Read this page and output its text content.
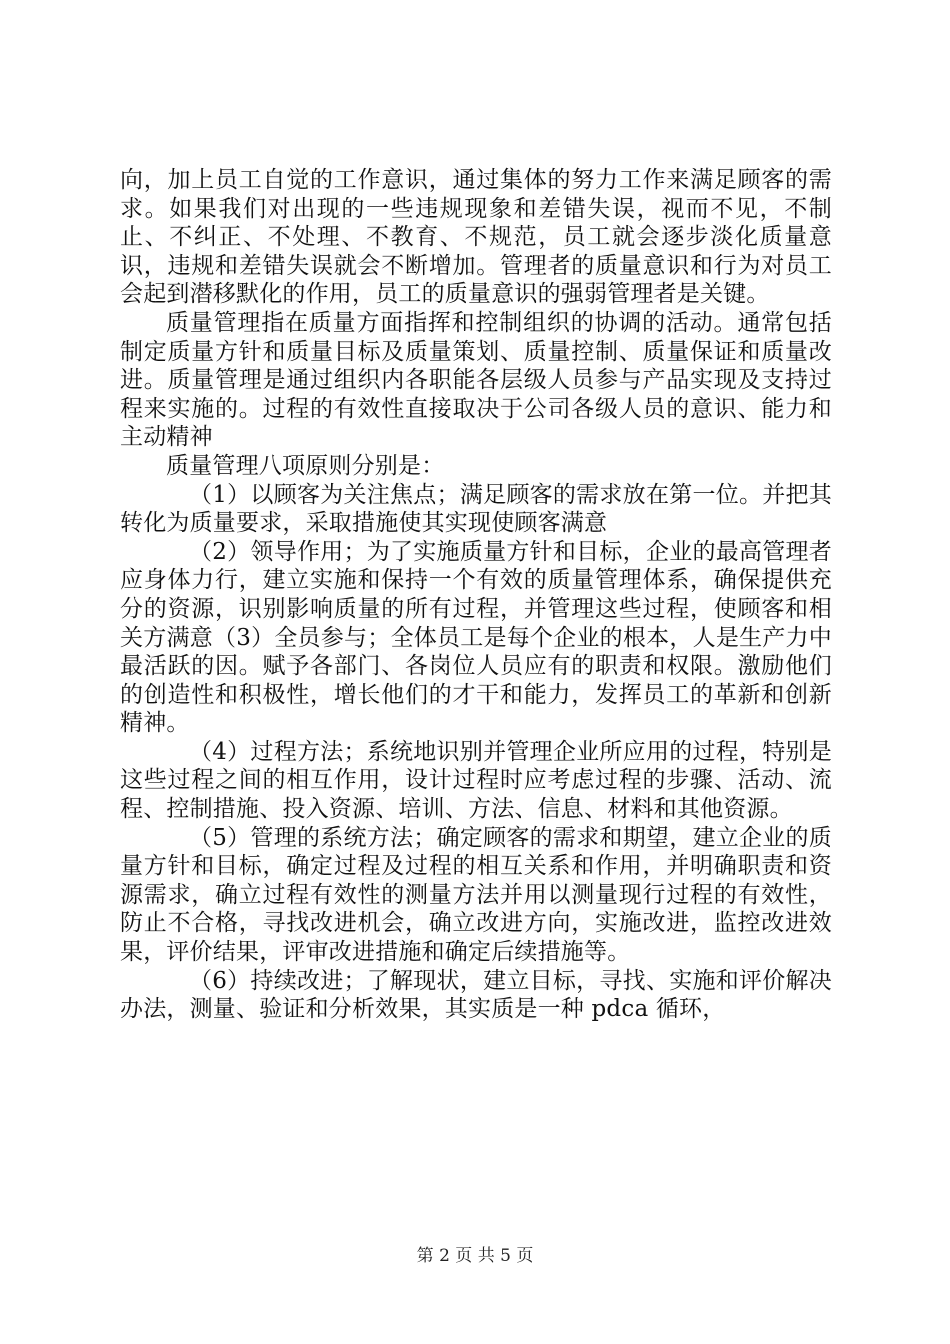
向，加上员工自觉的工作意识，通过集体的努力工作来满足顾客的需求。如果我们对出现的一些违规现象和差错失误，视而不见，不制止、不纠正、不处理、不教育、不规范，员工就会逐步淡化质量意识，违规和差错失误就会不断增加。管理者的质量意识和行为对员工会起到潜移默化的作用，员工的质量意识的强弱管理者是关键。

质量管理指在质量方面指挥和控制组织的协调的活动。通常包括制定质量方针和质量目标及质量策划、质量控制、质量保证和质量改进。质量管理是通过组织内各职能各层级人员参与产品实现及支持过程来实施的。过程的有效性直接取决于公司各级人员的意识、能力和主动精神

质量管理八项原则分别是：

（1）以顾客为关注焦点；满足顾客的需求放在第一位。并把其转化为质量要求，采取措施使其实现使顾客满意

（2）领导作用；为了实施质量方针和目标，企业的最高管理者应身体力行，建立实施和保持一个有效的质量管理体系，确保提供充分的资源，识别影响质量的所有过程，并管理这些过程，使顾客和相关方满意（3）全员参与；全体员工是每个企业的根本，人是生产力中最活跃的因。赋予各部门、各岗位人员应有的职责和权限。激励他们的创造性和积极性，增长他们的才干和能力，发挥员工的革新和创新精神。

（4）过程方法；系统地识别并管理企业所应用的过程，特别是这些过程之间的相互作用，设计过程时应考虑过程的步骤、活动、流程、控制措施、投入资源、培训、方法、信息、材料和其他资源。

（5）管理的系统方法；确定顾客的需求和期望，建立企业的质量方针和目标，确定过程及过程的相互关系和作用，并明确职责和资源需求，确立过程有效性的测量方法并用以测量现行过程的有效性，防止不合格，寻找改进机会，确立改进方向，实施改进，监控改进效果，评价结果，评审改进措施和确定后续措施等。

（6）持续改进；了解现状，建立目标，寻找、实施和评价解决办法，测量、验证和分析效果，其实质是一种 pdca 循环，

第 2 页 共 5 页
